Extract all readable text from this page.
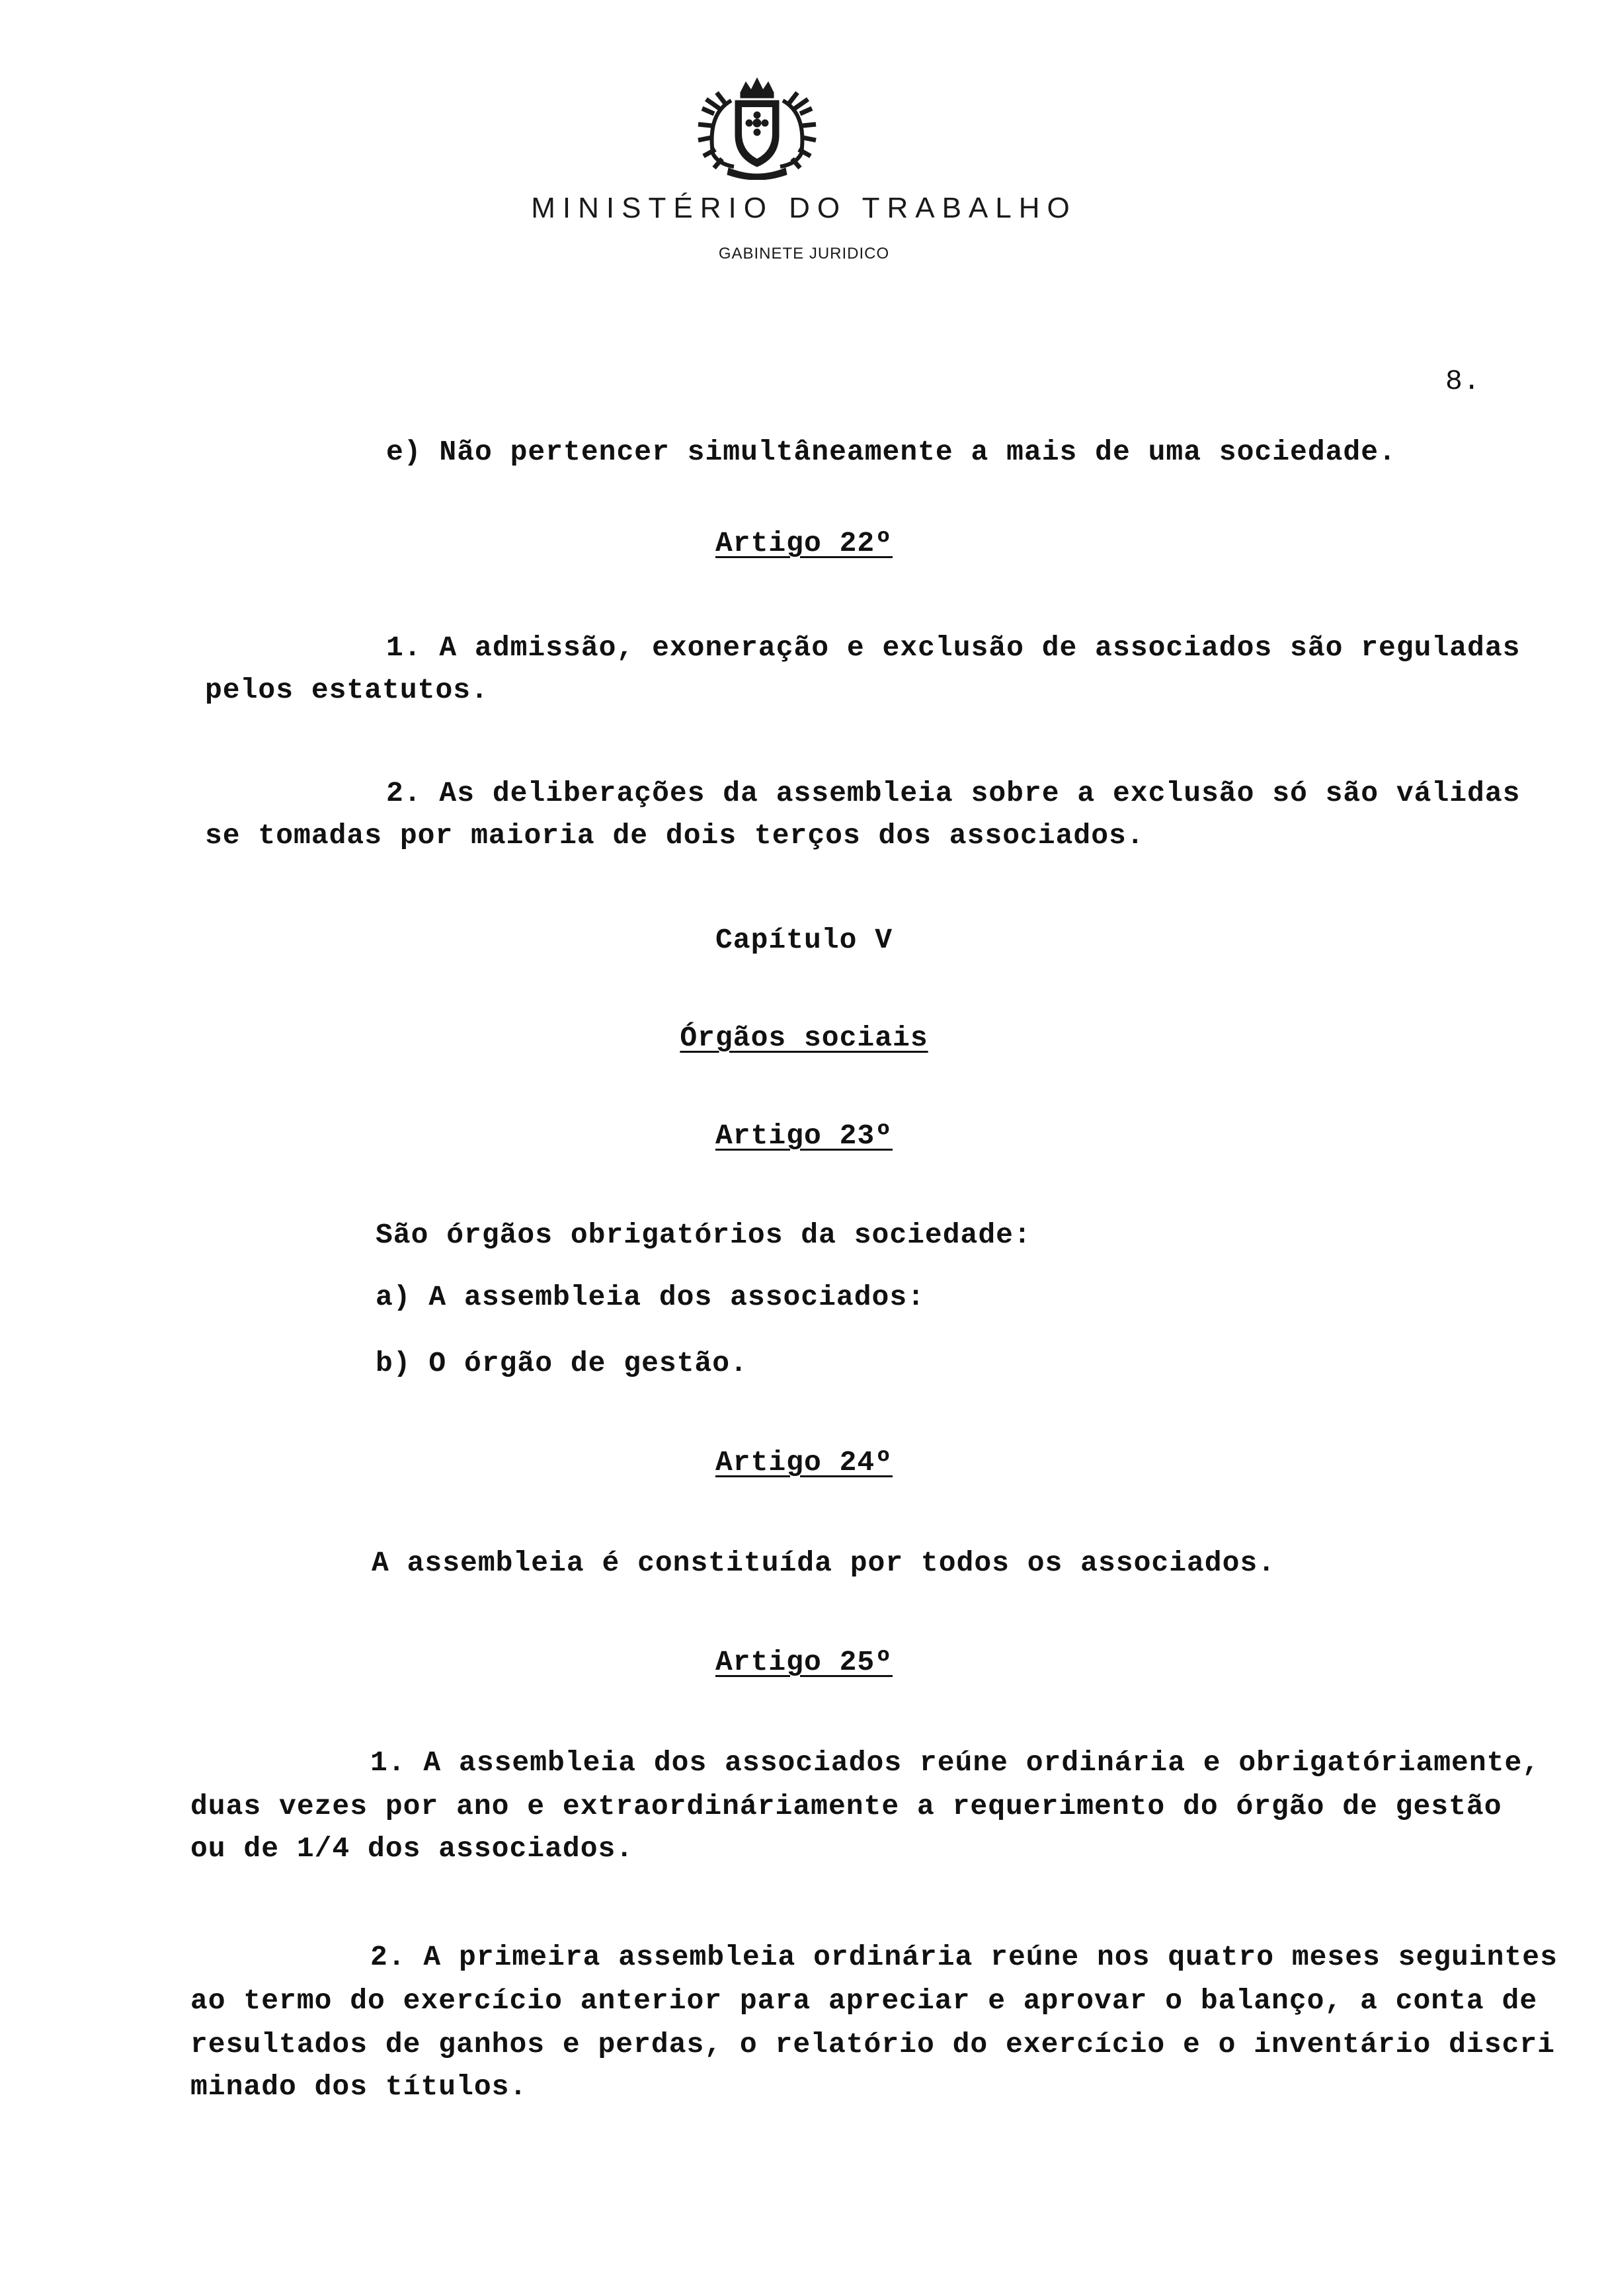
MINISTÉRIO DO TRABALHO
GABINETE JURIDICO
8.
e) Não pertencer simultâneamente a mais de uma sociedade.
Artigo 22º
1. A admissão, exoneração e exclusão de associados são reguladas
pelos estatutos.
2. As deliberações da assembleia sobre a exclusão só são válidas
se tomadas por maioria de dois terços dos associados.
Capítulo V
Órgãos sociais
Artigo 23º
São órgãos obrigatórios da sociedade:
a) A assembleia dos associados:
b) O órgão de gestão.
Artigo 24º
A assembleia é constituída por todos os associados.
Artigo 25º
1. A assembleia dos associados reúne ordinária e obrigatóriamente,
duas vezes por ano e extraordináriamente a requerimento do órgão de gestão
ou de 1/4 dos associados.
2. A primeira assembleia ordinária reúne nos quatro meses seguintes
ao termo do exercício anterior para apreciar e aprovar o balanço, a conta de
resultados de ganhos e perdas, o relatório do exercício e o inventário discri
minado dos títulos.
